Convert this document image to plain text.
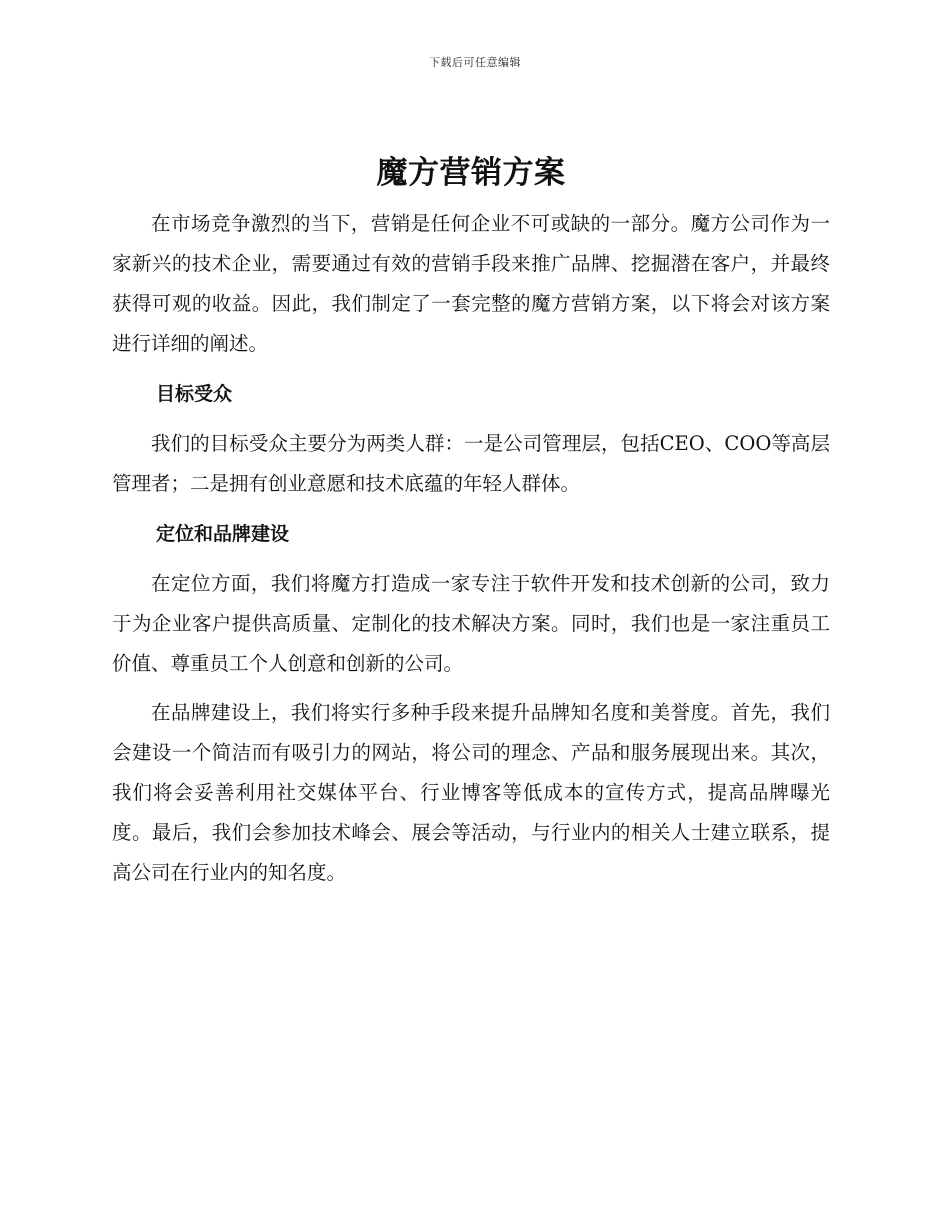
下载后可任意编辑
魔方营销方案

在市场竞争激烈的当下，营销是任何企业不可或缺的一部分。魔方公司作为一家新兴的技术企业，需要通过有效的营销手段来推广品牌、挖掘潜在客户，并最终获得可观的收益。因此，我们制定了一套完整的魔方营销方案，以下将会对该方案进行详细的阐述。

目标受众

我们的目标受众主要分为两类人群：一是公司管理层，包括CEO、COO等高层管理者；二是拥有创业意愿和技术底蕴的年轻人群体。

定位和品牌建设

在定位方面，我们将魔方打造成一家专注于软件开发和技术创新的公司，致力于为企业客户提供高质量、定制化的技术解决方案。同时，我们也是一家注重员工价值、尊重员工个人创意和创新的公司。

在品牌建设上，我们将实行多种手段来提升品牌知名度和美誉度。首先，我们会建设一个简洁而有吸引力的网站，将公司的理念、产品和服务展现出来。其次，我们将会妥善利用社交媒体平台、行业博客等低成本的宣传方式，提高品牌曝光度。最后，我们会参加技术峰会、展会等活动，与行业内的相关人士建立联系，提高公司在行业内的知名度。
